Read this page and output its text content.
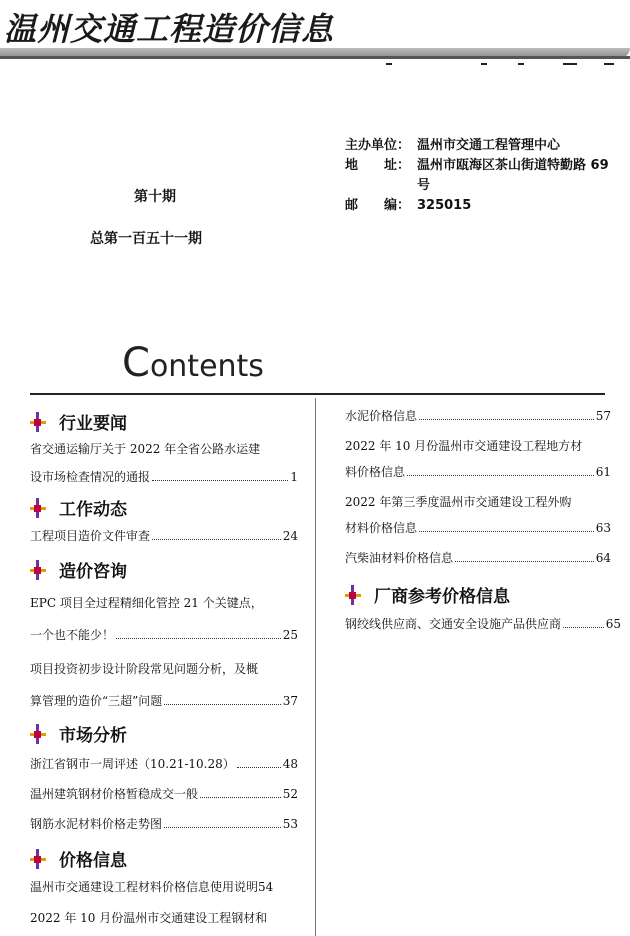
温州交通工程造价信息
主办单位： 温州市交通工程管理中心
地　　址： 温州市瓯海区茶山街道特勤路 69 号
邮　　编： 325015
第十期
总第一百五十一期
Contents
行业要闻
省交通运输厅关于 2022 年全省公路水运建
设市场检查情况的通报	1
工作动态
工程项目造价文件审查	24
造价咨询
EPC 项目全过程精细化管控 21 个关键点，
一个也不能少！	25
项目投资初步设计阶段常见问题分析，及概
算管理的造价“三超”问题	37
市场分析
浙江省钢市一周评述（10.21-10.28）	48
温州建筑钢材价格暂稳成交一般	52
钢筋水泥材料价格走势图	53
价格信息
温州市交通建设工程材料价格信息使用说明 54
2022 年 10 月份温州市交通建设工程钢材和
水泥价格信息	57
2022 年 10 月份温州市交通建设工程地方材
料价格信息	61
2022 年第三季度温州市交通建设工程外购
材料价格信息	63
汽柴油材料价格信息	64
厂商参考价格信息
钢绞线供应商、交通安全设施产品供应商	65
